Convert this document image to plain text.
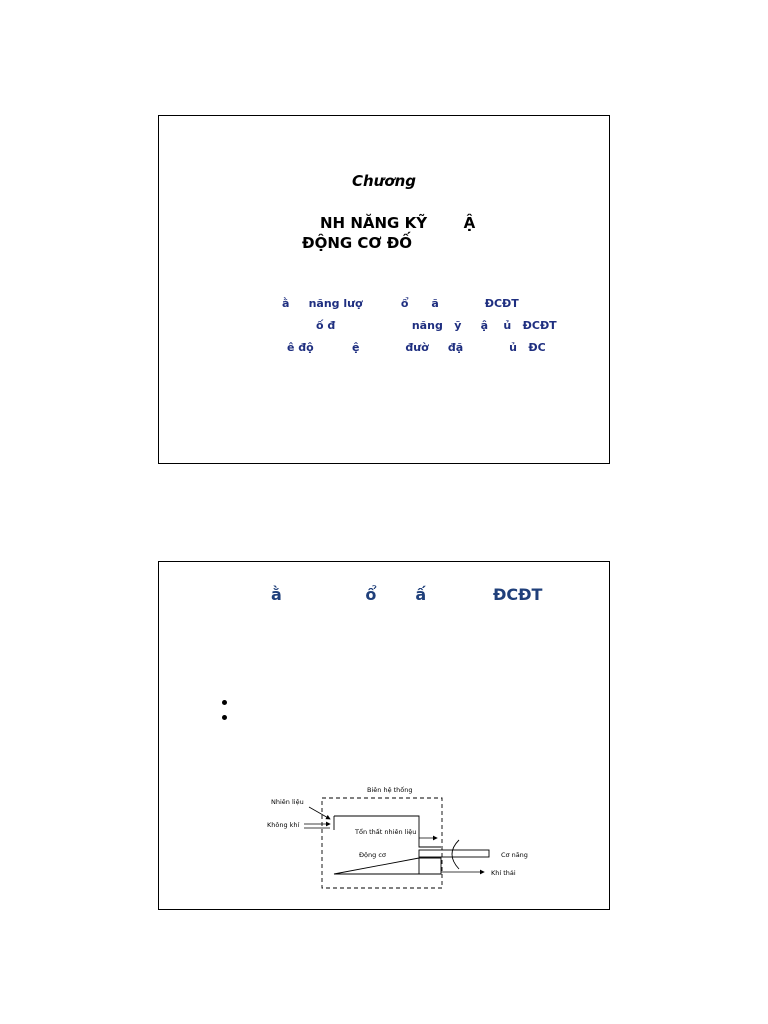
Chương
NH NĂNG KỸ       Ậ
ĐỘNG CƠ ĐỐ
ằ     năng lượ          ổ      ã            ĐCĐT
ố đ                    năng   ỹ     ậ    ủ   ĐCĐT
ê độ          ệ            đườ     đặ            ủ   ĐC
ằ               ổ       ấ            ĐCĐT
Nhiên liệu
Không khí
Biên hệ thống
Tổn thất nhiên liệu
Động cơ	Cơ năng
Khí thải
